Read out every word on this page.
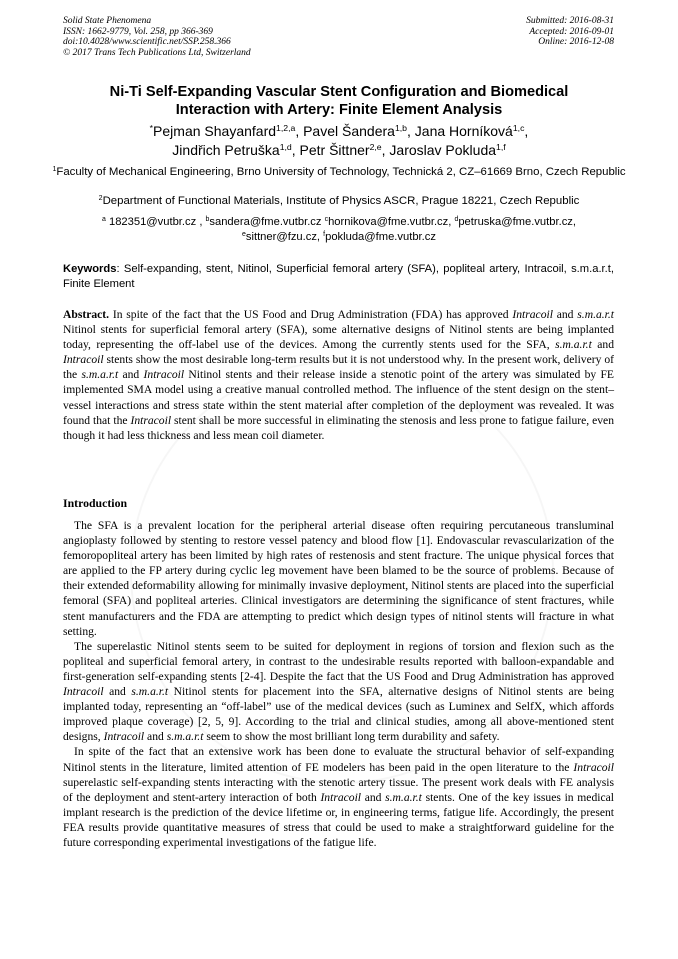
Solid State Phenomena
ISSN: 1662-9779, Vol. 258, pp 366-369
doi:10.4028/www.scientific.net/SSP.258.366
© 2017 Trans Tech Publications Ltd, Switzerland
Submitted: 2016-08-31
Accepted: 2016-09-01
Online: 2016-12-08
Ni-Ti Self-Expanding Vascular Stent Configuration and Biomedical
Interaction with Artery: Finite Element Analysis
*Pejman Shayanfard$^{1,2,a}$, Pavel Šandera$^{1,b}$, Jana Horníková$^{1,c}$,
Jindřich Petruška$^{1,d}$, Petr Šittner$^{2,e}$, Jaroslav Pokluda$^{1,f}$
$^1$Faculty of Mechanical Engineering, Brno University of Technology, Technická 2, CZ–61669 Brno, Czech Republic
$^2$Department of Functional Materials, Institute of Physics ASCR, Prague 18221, Czech Republic
$^a$ 182351@vutbr.cz , $^b$sandera@fme.vutbr.cz $^c$hornikova@fme.vutbr.cz, $^d$petruska@fme.vutbr.cz,
$^e$sittner@fzu.cz, $^f$pokluda@fme.vutbr.cz
Keywords: Self-expanding, stent, Nitinol, Superficial femoral artery (SFA), popliteal artery, Intracoil, s.m.a.r.t, Finite Element

Abstract. In spite of the fact that the US Food and Drug Administration (FDA) has approved Intracoil and s.m.a.r.t Nitinol stents for superficial femoral artery (SFA), some alternative designs of Nitinol stents are being implanted today, representing the off-label use of the devices. Among the currently stents used for the SFA, s.m.a.r.t and Intracoil stents show the most desirable long-term results but it is not understood why. In the present work, delivery of the s.m.a.r.t and Intracoil Nitinol stents and their release inside a stenotic point of the artery was simulated by FE implemented SMA model using a creative manual controlled method. The influence of the stent design on the stent–vessel interactions and stress state within the stent material after completion of the deployment was revealed. It was found that the Intracoil stent shall be more successful in eliminating the stenosis and less prone to fatigue failure, even though it had less thickness and less mean coil diameter.

Introduction

The SFA is a prevalent location for the peripheral arterial disease often requiring percutaneous transluminal angioplasty followed by stenting to restore vessel patency and blood flow [1]. Endovascular revascularization of the femoropopliteal artery has been limited by high rates of restenosis and stent fracture. The unique physical forces that are applied to the FP artery during cyclic leg movement have been blamed to be the source of problems. Because of their extended deformability allowing for minimally invasive deployment, Nitinol stents are placed into the superficial femoral (SFA) and popliteal arteries. Clinical investigators are determining the significance of stent fractures, while stent manufacturers and the FDA are attempting to predict which design types of nitinol stents will fracture in what setting.

The superelastic Nitinol stents seem to be suited for deployment in regions of torsion and flexion such as the popliteal and superficial femoral artery, in contrast to the undesirable results reported with balloon-expandable and first-generation self-expanding stents [2-4]. Despite the fact that the US Food and Drug Administration has approved Intracoil and s.m.a.r.t Nitinol stents for placement into the SFA, alternative designs of Nitinol stents are being implanted today, representing an “off-label” use of the medical devices (such as Luminex and SelfX, which affords improved plaque coverage) [2, 5, 9]. According to the trial and clinical studies, among all above-mentioned stent designs, Intracoil and s.m.a.r.t seem to show the most brilliant long term durability and safety.

In spite of the fact that an extensive work has been done to evaluate the structural behavior of self-expanding Nitinol stents in the literature, limited attention of FE modelers has been paid in the open literature to the Intracoil superelastic self-expanding stents interacting with the stenotic artery tissue. The present work deals with FE analysis of the deployment and stent-artery interaction of both Intracoil and s.m.a.r.t stents. One of the key issues in medical implant research is the prediction of the device lifetime or, in engineering terms, fatigue life. Accordingly, the present FEA results provide quantitative measures of stress that could be used to make a straightforward guideline for the future corresponding experimental investigations of the fatigue life.
